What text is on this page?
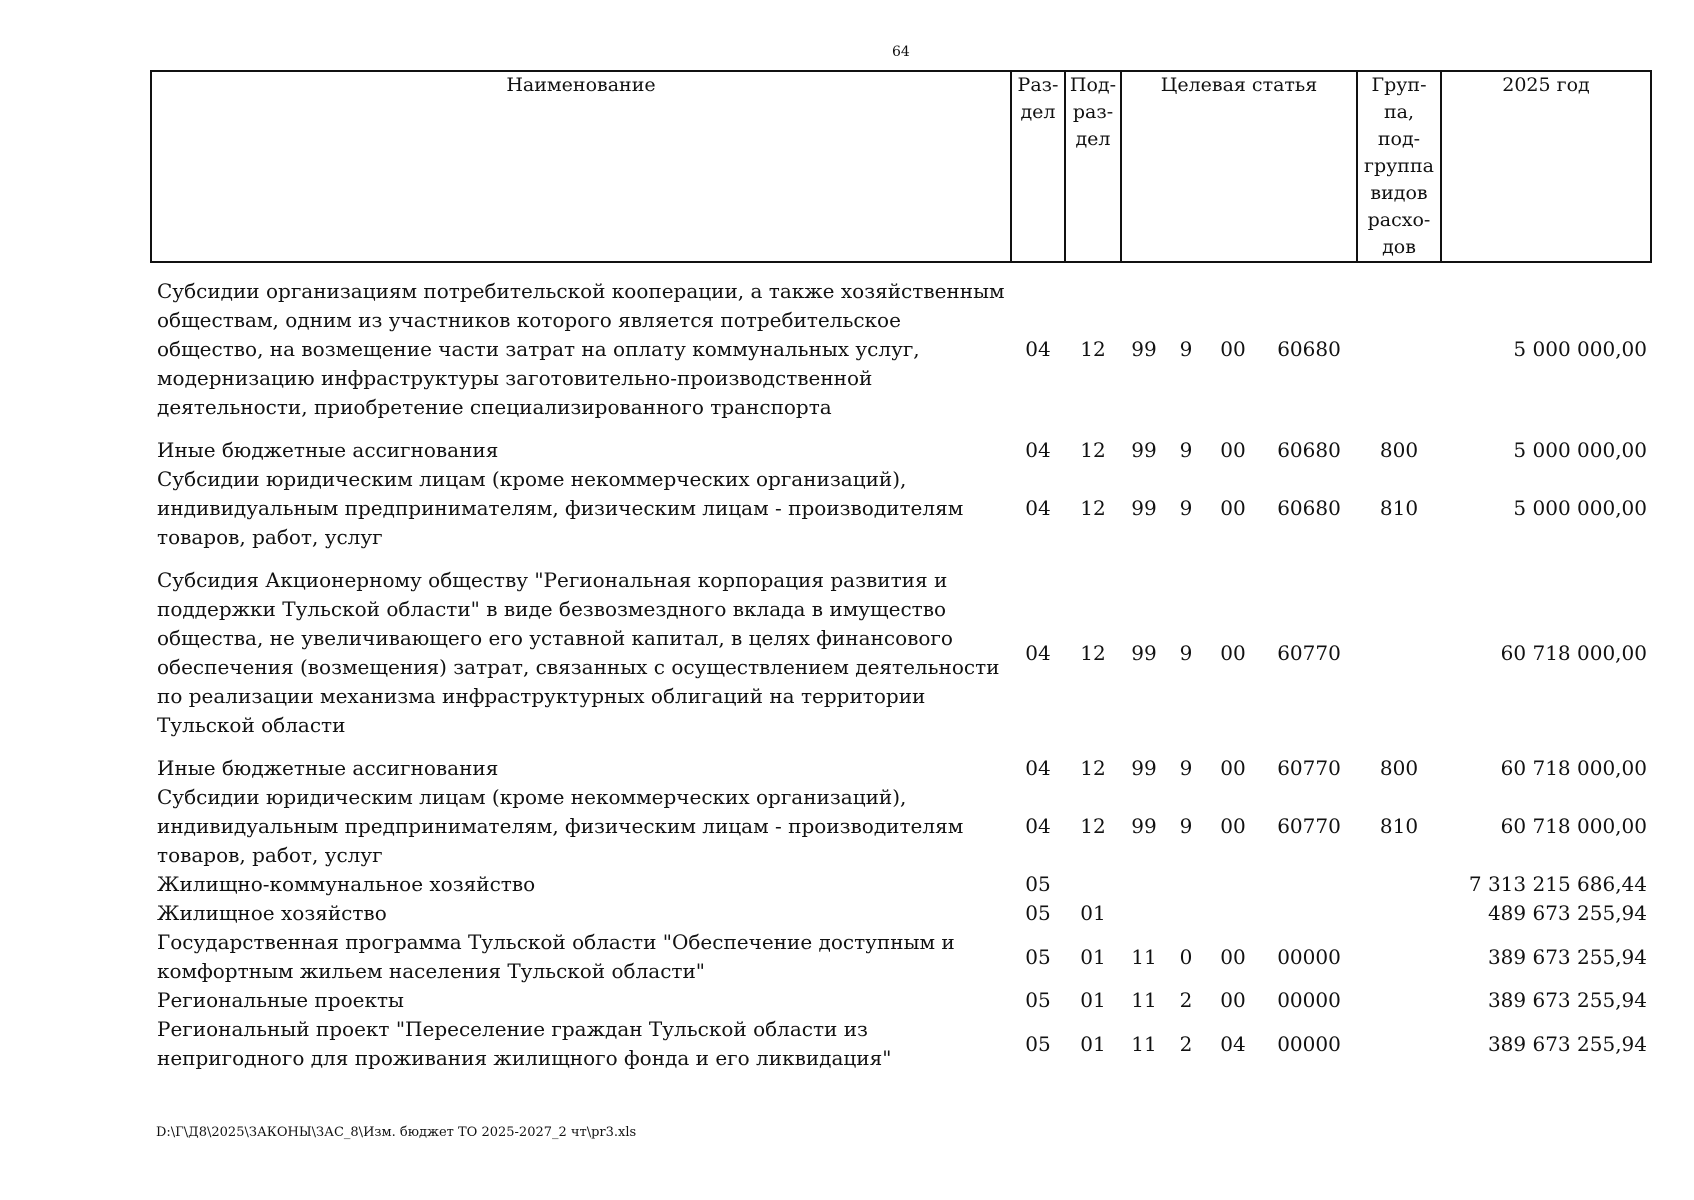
64
Наименование	Раз-дел	Под-раз-дел	Целевая статья				Груп-па, под-группа видов расхо-дов	2025 год

Субсидии организациям потребительской кооперации, а также хозяйственным обществам, одним из участников которого является потребительское общество, на возмещение части затрат на оплату коммунальных услуг, модернизацию инфраструктуры заготовительно-производственной деятельности, приобретение специализированного транспорта	04	12	99	9	00	60680		5 000 000,00

Иные бюджетные ассигнования	04	12	99	9	00	60680	800	5 000 000,00
Субсидии юридическим лицам (кроме некоммерческих организаций), индивидуальным предпринимателям, физическим лицам - производителям товаров, работ, услуг	04	12	99	9	00	60680	810	5 000 000,00

Субсидия Акционерному обществу "Региональная корпорация развития и поддержки Тульской области" в виде безвозмездного вклада в имущество общества, не увеличивающего его уставной капитал, в целях финансового обеспечения (возмещения) затрат, связанных с осуществлением деятельности по реализации механизма инфраструктурных облигаций на территории Тульской области	04	12	99	9	00	60770		60 718 000,00

Иные бюджетные ассигнования	04	12	99	9	00	60770	800	60 718 000,00
Субсидии юридическим лицам (кроме некоммерческих организаций), индивидуальным предпринимателям, физическим лицам - производителям товаров, работ, услуг	04	12	99	9	00	60770	810	60 718 000,00
Жилищно-коммунальное хозяйство	05							7 313 215 686,44
Жилищное хозяйство	05	01						489 673 255,94
Государственная программа Тульской области "Обеспечение доступным и комфортным жильем населения Тульской области"	05	01	11	0	00	00000		389 673 255,94
Региональные проекты	05	01	11	2	00	00000		389 673 255,94
Региональный проект "Переселение граждан Тульской области из непригодного для проживания жилищного фонда и его ликвидация"	05	01	11	2	04	00000		389 673 255,94
D:\Г\Д8\2025\ЗАКОНЫ\ЗАС_8\Изм. бюджет ТО 2025-2027_2 чт\pr3.xls
